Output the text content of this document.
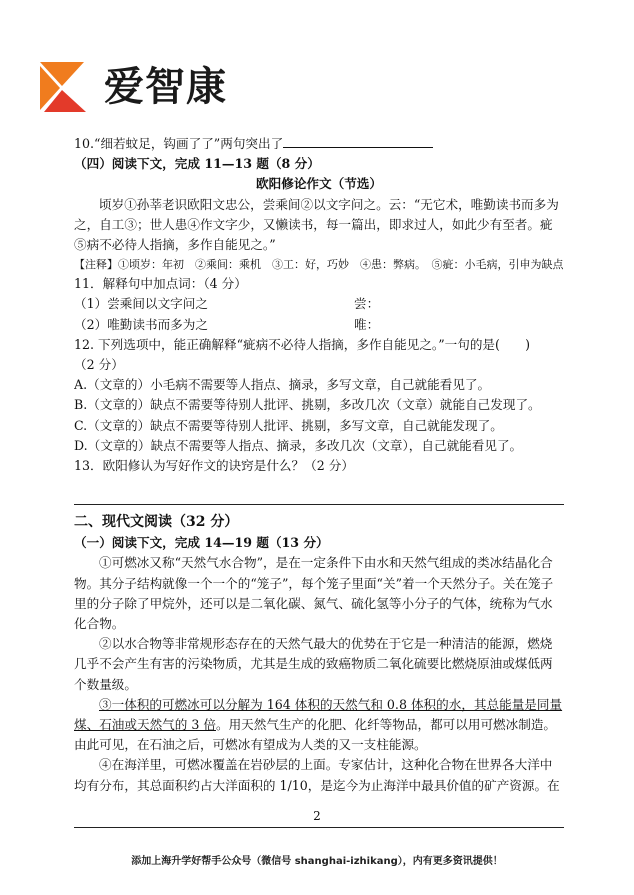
爱智康
10.“细若蚊足，钩画了了”两句突出了
（四）阅读下文，完成 11—13 题（8 分）
欧阳修论作文（节选）
顷岁①孙莘老识欧阳文忠公，尝乘间②以文字问之。云：“无它术，唯勤读书而多为之，自工③；世人患④作文字少，又懒读书，每一篇出，即求过人，如此少有至者。疵⑤病不必待人指摘，多作自能见之。”
【注释】①顷岁：年初　②乘间：乘机　③工：好，巧妙　④患：弊病。　⑤疵：小毛病，引申为缺点
11．解释句中加点词：（4 分）
（1）尝乘间以文字问之	尝：
（2）唯勤读书而多为之	唯：
12. 下列选项中，能正确解释“疵病不必待人指摘，多作自能见之。”一句的是(　　)
（2 分）
A.（文章的）小毛病不需要等人指点、摘录，多写文章，自己就能看见了。
B.（文章的）缺点不需要等待别人批评、挑剔，多改几次（文章）就能自己发现了。
C.（文章的）缺点不需要等待别人批评、挑剔，多写文章，自己就能发现了。
D.（文章的）缺点不需要等人指点、摘录，多改几次（文章），自己就能看见了。
13．欧阳修认为写好作文的诀窍是什么？（2 分）
二、现代文阅读（32 分）
（一）阅读下文，完成 14—19 题（13 分）
①可燃冰又称“天然气水合物”，是在一定条件下由水和天然气组成的类冰结晶化合物。其分子结构就像一个一个的“笼子”，每个笼子里面“关”着一个天然分子。关在笼子里的分子除了甲烷外，还可以是二氧化碳、氮气、硫化氢等小分子的气体，统称为气水化合物。
②以水合物等非常规形态存在的天然气最大的优势在于它是一种清洁的能源，燃烧几乎不会产生有害的污染物质，尤其是生成的致癌物质二氧化硫要比燃烧原油或煤低两个数量级。
③一体积的可燃冰可以分解为 164 体积的天然气和 0.8 体积的水，其总能量是同量煤、石油或天然气的 3 倍。用天然气生产的化肥、化纤等物品，都可以用可燃冰制造。由此可见，在石油之后，可燃冰有望成为人类的又一支柱能源。
④在海洋里，可燃冰覆盖在岩砂层的上面。专家估计，这种化合物在世界各大洋中均有分布，其总面积约占大洋面积的 1/10，是迄今为止海洋中最具价值的矿产资源。在
2
添加上海升学好帮手公众号（微信号 shanghai-izhikang），内有更多资讯提供！
